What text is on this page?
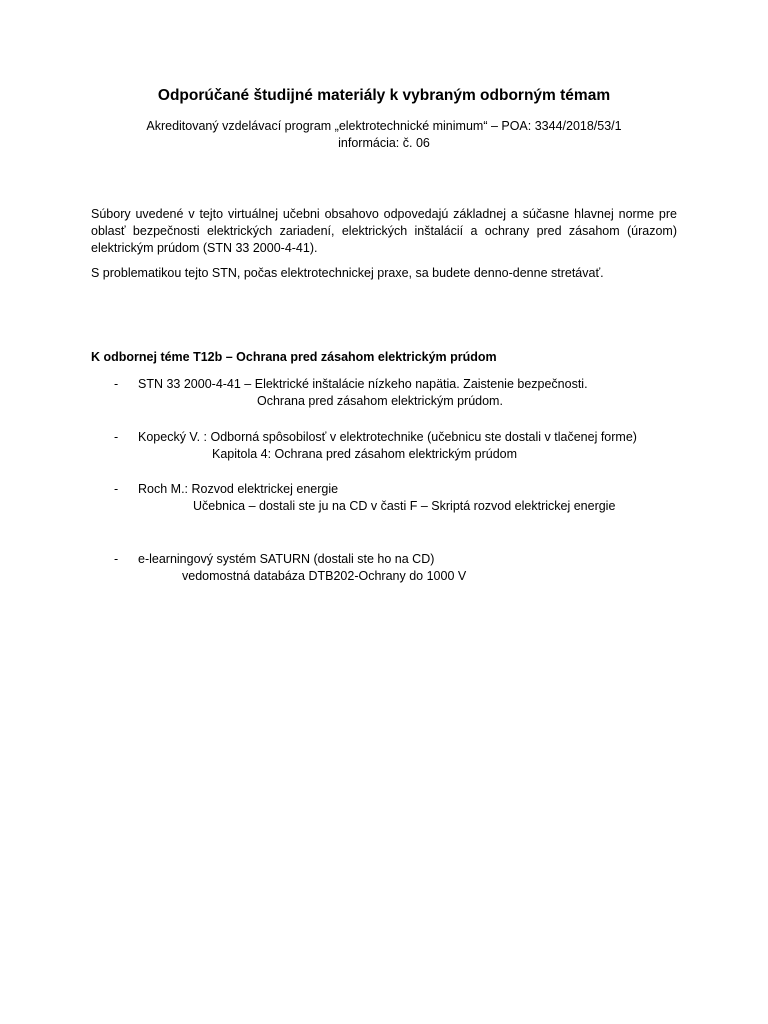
Odporúčané študijné materiály k vybraným odborným témam
Akreditovaný vzdelávací program „elektrotechnické minimum“ – POA: 3344/2018/53/1
informácia: č. 06

Súbory uvedené v tejto virtuálnej učebni obsahovo odpovedajú základnej a súčasne hlavnej norme pre oblasť bezpečnosti elektrických zariadení, elektrických inštalácií a ochrany pred zásahom (úrazom) elektrickým prúdom (STN 33 2000-4-41).

S problematikou tejto STN, počas elektrotechnickej praxe, sa budete denno-denne stretávať.

K odbornej téme T12b – Ochrana pred zásahom elektrickým prúdom
- STN 33 2000-4-41 – Elektrické inštalácie nízkeho napätia. Zaistenie bezpečnosti.
Ochrana pred zásahom elektrickým prúdom.
- Kopecký V. : Odborná spôsobilosť v elektrotechnike (učebnicu ste dostali v tlačenej forme)
Kapitola 4: Ochrana pred zásahom elektrickým prúdom
- Roch M.: Rozvod elektrickej energie
Učebnica – dostali ste ju na CD v časti F – Skriptá rozvod elektrickej energie
- e-learningový systém SATURN (dostali ste ho na CD)
vedomostná databáza DTB202-Ochrany do 1000 V
